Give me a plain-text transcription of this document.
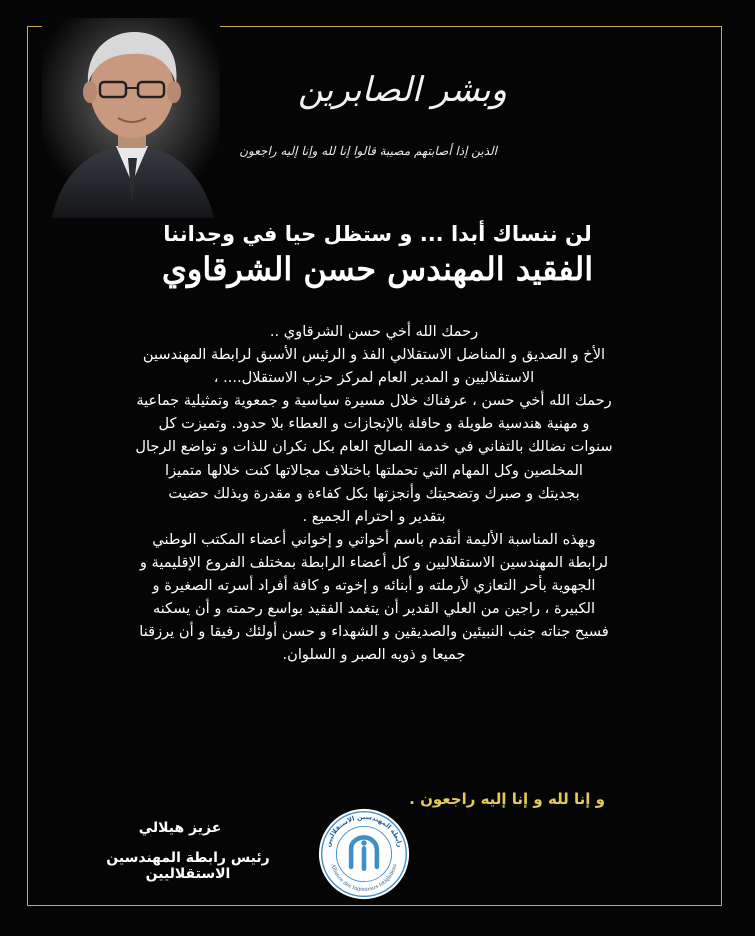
وبشر الصابرين
الذين إذا أصابتهم مصيبة قالوا إنا لله وإنا إليه راجعون
لن ننساك أبدا ... و ستظل حيا في وجداننا
الفقيد المهندس حسن الشرقاوي
رحمك الله أخي حسن الشرقاوي ..
الأخ و الصديق و المناضل الاستقلالي الفذ و الرئيس الأسبق لرابطة المهندسين
الاستقلاليين و المدير العام لمركز حزب الاستقلال.... ،
رحمك الله أخي حسن ، عرفناك خلال مسيرة سياسية و جمعوية وتمثيلية جماعية
و مهنية هندسية طويلة و حافلة بالإنجازات و العطاء بلا حدود. وتميزت كل
سنوات نضالك بالتفاني في خدمة الصالح العام بكل نكران للذات و تواضع الرجال
المخلصين وكل المهام التي تحملتها باختلاف مجالاتها كنت خلالها متميزا
بجديتك و صبرك وتضحيتك وأنجزتها بكل كفاءة و مقدرة وبذلك حضيت
بتقدير و احترام الجميع .
وبهذه المناسبة الأليمة أتقدم باسم أخواتي و إخواني أعضاء المكتب الوطني
لرابطة المهندسين الاستقلاليين و كل أعضاء الرابطة بمختلف الفروع الإقليمية و
الجهوية بأحر التعازي لأرملته و أبنائه و إخوته و كافة أفراد أسرته الصغيرة و
الكبيرة ، راجين من العلي القدير أن يتغمد الفقيد بواسع رحمته و أن يسكنه
فسيح جناته جنب النبيئين والصديقين و الشهداء و حسن أولئك رفيقا و أن يرزقنا
جميعا و ذويه الصبر و السلوان.
و إنا لله و إنا إليه راجعون .
عزيز هيلالي
رئيس رابطة المهندسين الاستقلاليين
رابطة المهندسين الاستقلاليين
Alliance des Ingénieurs Istiqlaliens
